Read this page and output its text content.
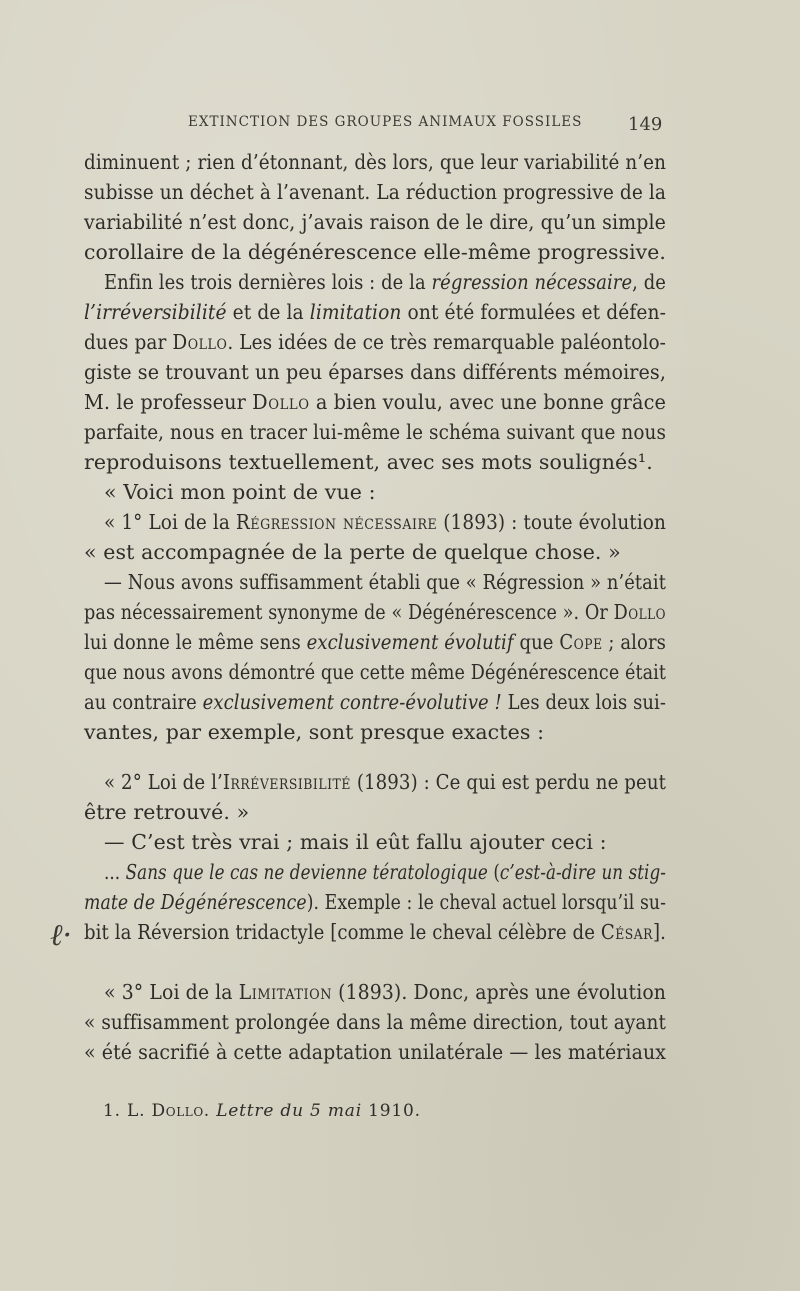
EXTINCTION DES GROUPES ANIMAUX FOSSILES	149
diminuent ; rien d’étonnant, dès lors, que leur variabilité n’en
subisse un déchet à l’avenant. La réduction progressive de la
variabilité n’est donc, j’avais raison de le dire, qu’un simple
corollaire de la dégénérescence elle-même progressive.
Enfin les trois dernières lois : de la régression nécessaire, de
l’irréversibilité et de la limitation ont été formulées et défen-
dues par Dollo. Les idées de ce très remarquable paléontolo-
giste se trouvant un peu éparses dans différents mémoires,
M. le professeur Dollo a bien voulu, avec une bonne grâce
parfaite, nous en tracer lui-même le schéma suivant que nous
reproduisons textuellement, avec ses mots soulignés¹.
« Voici mon point de vue :
« 1° Loi de la Régression nécessaire (1893) : toute évolution
« est accompagnée de la perte de quelque chose. »
— Nous avons suffisamment établi que « Régression » n’était
pas nécessairement synonyme de « Dégénérescence ». Or Dollo
lui donne le même sens exclusivement évolutif que Cope ; alors
que nous avons démontré que cette même Dégénérescence était
au contraire exclusivement contre-évolutive ! Les deux lois sui-
vantes, par exemple, sont presque exactes :
« 2° Loi de l’Irréversibilité (1893) : Ce qui est perdu ne peut
être retrouvé. »
— C’est très vrai ; mais il eût fallu ajouter ceci :
... Sans que le cas ne devienne tératologique (c’est-à-dire un stig-
mate de Dégénérescence). Exemple : le cheval actuel lorsqu’il su-
bit la Réversion tridactyle [comme le cheval célèbre de César].
« 3° Loi de la Limitation (1893). Donc, après une évolution
« suffisamment prolongée dans la même direction, tout ayant
« été sacrifié à cette adaptation unilatérale — les matériaux
ℓ·
1. L. Dollo. Lettre du 5 mai 1910.
